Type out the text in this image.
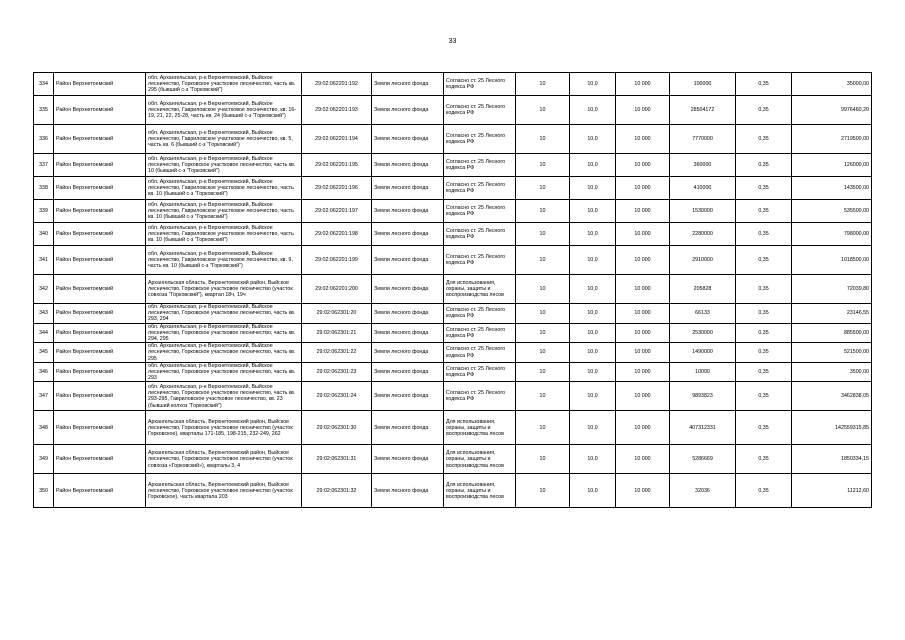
33
334	Район Верхнетоемский	обл. Архангельская, р-н Верхнетоемский, Выйское лесничество, Горковское участковое лесничество, часть кв. 295 (бывший с-з "Горковский")	29:02:062201:192	Земли лесного фонда	Согласно ст. 25 Лесного кодекса РФ	10	10,0	10 000	100000	0,35	35000,00
335	Район Верхнетоемский	обл. Архангельская, р-н Верхнетоемский, Выйское лесничество, Гавриловское участковое лесничество, кв. 16-19, 21, 22, 25-28, часть кв. 24 (бывший с-з "Горковский")	29:02:062201:193	Земли лесного фонда	Согласно ст. 25 Лесного кодекса РФ	10	10,0	10 000	28504172	0,35	9976460,20
336	Район Верхнетоемский	обл. Архангельская, р-н Верхнетоемский, Выйское лесничество, Гавриловское участковое лесничество, кв. 5, часть кв. 6 (бывший с-з "Горковский")	29:02:062201:194	Земли лесного фонда	Согласно ст. 25 Лесного кодекса РФ	10	10,0	10 000	7770000	0,35	2719500,00
337	Район Верхнетоемский	обл. Архангельская, р-н Верхнетоемский, Выйское лесничество, Горковское участковое лесничество, часть кв. 10 (бывший с-з "Горковский")	29:02:062201:195	Земли лесного фонда	Согласно ст. 25 Лесного кодекса РФ	10	10,0	10 000	360000	0,35	126000,00
338	Район Верхнетоемский	обл. Архангельская, р-н Верхнетоемский, Выйское лесничество, Гавриловское участковое лесничество, часть кв. 10 (бывший с-з "Горковский")	29:02:062201:196	Земли лесного фонда	Согласно ст. 25 Лесного кодекса РФ	10	10,0	10 000	410000	0,35	143500,00
339	Район Верхнетоемский	обл. Архангельская, р-н Верхнетоемский, Выйское лесничество, Гавриловское участковое лесничество, часть кв. 10 (бывший с-з "Горковский")	29:02:062201:197	Земли лесного фонда	Согласно ст. 25 Лесного кодекса РФ	10	10,0	10 000	1530000	0,35	535500,00
340	Район Верхнетоемский	обл. Архангельская, р-н Верхнетоемский, Выйское лесничество, Гавриловское участковое лесничество, часть кв. 10 (бывший с-з "Горковский")	29:02:062201:198	Земли лесного фонда	Согласно ст. 25 Лесного кодекса РФ	10	10,0	10 000	2280000	0,35	798000,00
341	Район Верхнетоемский	обл. Архангельская, р-н Верхнетоемский, Выйское лесничество, Гавриловское участковое лесничество, кв. 9, часть кв. 10 (бывший с-з "Горковский")	29:02:062201:199	Земли лесного фонда	Согласно ст. 25 Лесного кодекса РФ	10	10,0	10 000	2910000	0,35	1018500,00
342	Район Верхнетоемский	Архангельская область, Верхнетоемский район, Выйское лесничество, Горковское участковое лесничество (участок совхоза "Горковский"), квартал 18ч, 19ч	29:02:062201:200	Земли лесного фонда	Для использования, охраны, защиты и воспроизводства лесов	10	10,0	10 000	205828	0,35	72039,80
343	Район Верхнетоемский	обл. Архангельская, р-н Верхнетоемский, Выйское лесничество, Горковское участковое лесничество, часть кв. 293, 294	29:02:062301:20	Земли лесного фонда	Согласно ст. 25 Лесного кодекса РФ	10	10,0	10 000	66133	0,35	23146,55
344	Район Верхнетоемский	обл. Архангельская, р-н Верхнетоемский, Выйское лесничество, Горковское участковое лесничество, часть кв. 294, 295	29:02:062301:21	Земли лесного фонда	Согласно ст. 25 Лесного кодекса РФ	10	10,0	10 000	2530000	0,35	885500,00
345	Район Верхнетоемский	обл. Архангельская, р-н Верхнетоемский, Выйское лесничество, Горковское участковое лесничество, часть кв. 295	29:02:062301:22	Земли лесного фонда	Согласно ст. 25 Лесного кодекса РФ	10	10,0	10 000	1490000	0,35	521500,00
346	Район Верхнетоемский	обл. Архангельская, р-н Верхнетоемский, Выйское лесничество, Горковское участковое лесничество, часть кв. 293	29:02:062301:23	Земли лесного фонда	Согласно ст. 25 Лесного кодекса РФ	10	10,0	10 000	10000	0,35	3500,00
347	Район Верхнетоемский	обл. Архангельская, р-н Верхнетоемский, Выйское лесничество, Горковское участковое лесничество, часть кв. 293-295, Гавриловское участковое лесничество, кв. 23 (бывший колхоз "Горковский")	29:02:062301:24	Земли лесного фонда	Согласно ст. 25 Лесного кодекса РФ	10	10,0	10 000	9893823	0,35	3462838,05
348	Район Верхнетоемский	Архангельская область, Верхнетоемский район, Выйское лесничество, Горковское участковое лесничество (участок Горковское), кварталы 171-185, 198-215, 232-249, 262	29:02:062301:30	Земли лесного фонда	Для использования, охраны, защиты и воспроизводства лесов	10	10,0	10 000	407312331	0,35	142559315,85
349	Район Верхнетоемский	Архангельская область, Верхнетоемский район, Выйское лесничество, Горковское участковое лесничество (участок совхоза «Горковский»), кварталы 3, 4	29:02:062301:31	Земли лесного фонда	Для использования, охраны, защиты и воспроизводства лесов	10	10,0	10 000	5286669	0,35	1850334,15
350	Район Верхнетоемский	Архангельская область, Верхнетоемский район, Выйское лесничество, Горковское участковое лесничество (участок Горковское), часть квартала 203	29:02:062301:32	Земли лесного фонда	Для использования, охраны, защиты и воспроизводства лесов	10	10,0	10 000	32036	0,35	11212,60
